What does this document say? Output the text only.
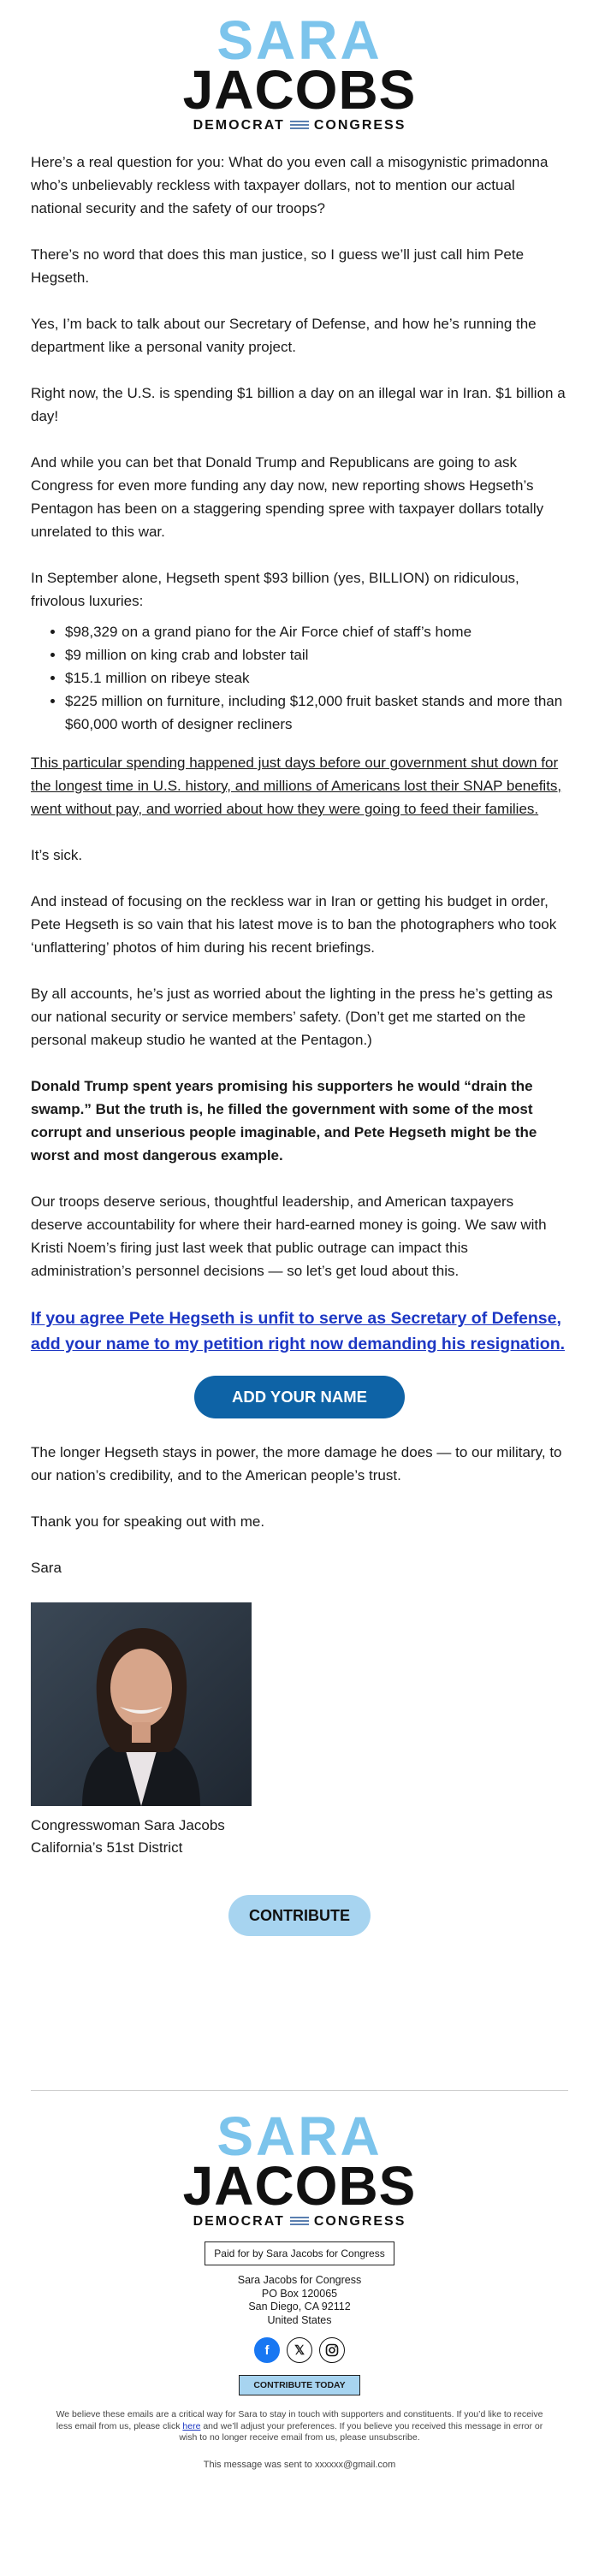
SARA
JACOBS
DEMOCRAT CONGRESS

Here’s a real question for you: What do you even call a misogynistic primadonna who’s unbelievably reckless with taxpayer dollars, not to mention our actual national security and the safety of our troops?

There’s no word that does this man justice, so I guess we’ll just call him Pete Hegseth.

Yes, I’m back to talk about our Secretary of Defense, and how he’s running the department like a personal vanity project.

Right now, the U.S. is spending $1 billion a day on an illegal war in Iran. $1 billion a day!

And while you can bet that Donald Trump and Republicans are going to ask Congress for even more funding any day now, new reporting shows Hegseth’s Pentagon has been on a staggering spending spree with taxpayer dollars totally unrelated to this war.

In September alone, Hegseth spent $93 billion (yes, BILLION) on ridiculous, frivolous luxuries:

• $98,329 on a grand piano for the Air Force chief of staff’s home
• $9 million on king crab and lobster tail
• $15.1 million on ribeye steak
• $225 million on furniture, including $12,000 fruit basket stands and more than $60,000 worth of designer recliners

This particular spending happened just days before our government shut down for the longest time in U.S. history, and millions of Americans lost their SNAP benefits, went without pay, and worried about how they were going to feed their families.

It’s sick.

And instead of focusing on the reckless war in Iran or getting his budget in order, Pete Hegseth is so vain that his latest move is to ban the photographers who took ‘unflattering’ photos of him during his recent briefings.

By all accounts, he’s just as worried about the lighting in the press he’s getting as our national security or service members’ safety. (Don’t get me started on the personal makeup studio he wanted at the Pentagon.)

Donald Trump spent years promising his supporters he would “drain the swamp.” But the truth is, he filled the government with some of the most corrupt and unserious people imaginable, and Pete Hegseth might be the worst and most dangerous example.

Our troops deserve serious, thoughtful leadership, and American taxpayers deserve accountability for where their hard-earned money is going. We saw with Kristi Noem’s firing just last week that public outrage can impact this administration’s personnel decisions — so let’s get loud about this.

If you agree Pete Hegseth is unfit to serve as Secretary of Defense, add your name to my petition right now demanding his resignation.
ADD YOUR NAME

The longer Hegseth stays in power, the more damage he does — to our military, to our nation’s credibility, and to the American people’s trust.

Thank you for speaking out with me.

Sara

Congresswoman Sara Jacobs
California’s 51st District
CONTRIBUTE
SARA
JACOBS
DEMOCRAT CONGRESS
Paid for by Sara Jacobs for Congress
Sara Jacobs for Congress
PO Box 120065
San Diego, CA 92112
United States
f	𝕏
CONTRIBUTE TODAY
We believe these emails are a critical way for Sara to stay in touch with supporters and constituents. If you’d like to receive less email from us, please click here and we’ll adjust your preferences. If you believe you received this message in error or wish to no longer receive email from us, please unsubscribe.
This message was sent to xxxxxx@gmail.com
